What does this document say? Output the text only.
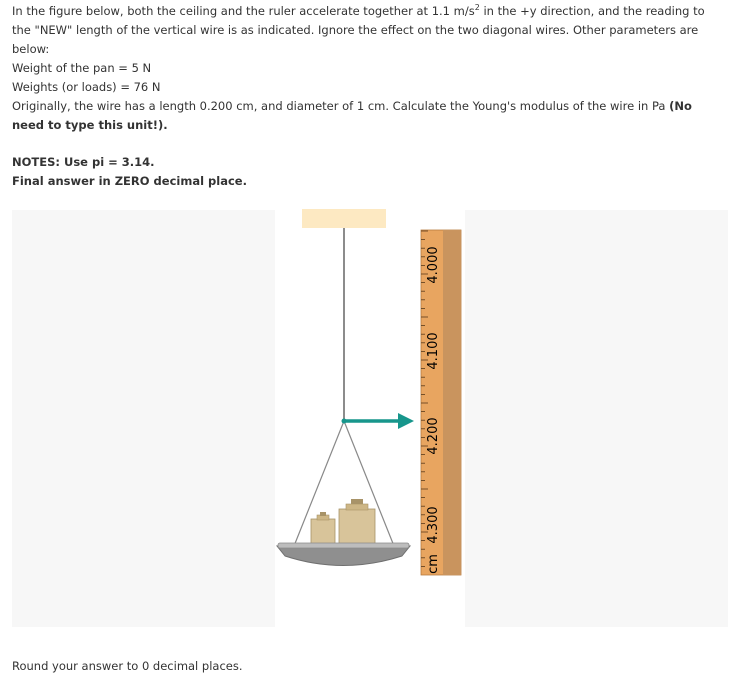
In the figure below, both the ceiling and the ruler accelerate together at 1.1 $m/s^2$ in the +y direction, and the reading to the "NEW" length of the vertical wire is as indicated. Ignore the effect on the two diagonal wires. Other parameters are below:

Weight of the pan = 5 N

Weights (or loads) = 76 N

Originally, the wire has a length 0.200 cm, and diameter of 1 cm. Calculate the Young's modulus of the wire in Pa (No need to type this unit!).

NOTES: Use pi = 3.14.

Final answer in ZERO decimal place.

4.300
4.200
4.100
4.000
cm
Round your answer to 0 decimal places.
